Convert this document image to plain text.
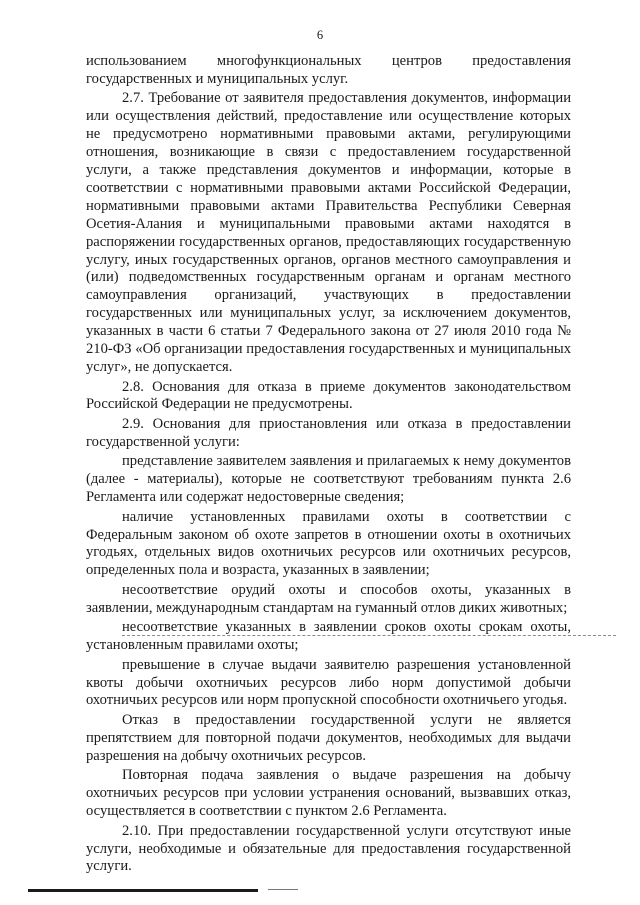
6

использованием многофункциональных центров предоставления государственных и муниципальных услуг.

2.7. Требование от заявителя предоставления документов, информации или осуществления действий, предоставление или осуществление которых не предусмотрено нормативными правовыми актами, регулирующими отношения, возникающие в связи с предоставлением государственной услуги, а также представления документов и информации, которые в соответствии с нормативными правовыми актами Российской Федерации, нормативными правовыми актами Правительства Республики Северная Осетия-Алания и муниципальными правовыми актами находятся в распоряжении государственных органов, предоставляющих государственную услугу, иных государственных органов, органов местного самоуправления и (или) подведомственных государственным органам и органам местного самоуправления организаций, участвующих в предоставлении государственных или муниципальных услуг, за исключением документов, указанных в части 6 статьи 7 Федерального закона от 27 июля 2010 года № 210-ФЗ «Об организации предоставления государственных и муниципальных услуг», не допускается.

2.8. Основания для отказа в приеме документов законодательством Российской Федерации не предусмотрены.

2.9. Основания для приостановления или отказа в предоставлении государственной услуги:

представление заявителем заявления и прилагаемых к нему документов (далее - материалы), которые не соответствуют требованиям пункта 2.6 Регламента или содержат недостоверные сведения;

наличие установленных правилами охоты в соответствии с Федеральным законом об охоте запретов в отношении охоты в охотничьих угодьях, отдельных видов охотничьих ресурсов или охотничьих ресурсов, определенных пола и возраста, указанных в заявлении;

несоответствие орудий охоты и способов охоты, указанных в заявлении, международным стандартам на гуманный отлов диких животных;

несоответствие указанных в заявлении сроков охоты срокам охоты, установленным правилами охоты;

превышение в случае выдачи заявителю разрешения установленной квоты добычи охотничьих ресурсов либо норм допустимой добычи охотничьих ресурсов или норм пропускной способности охотничьего угодья.

Отказ в предоставлении государственной услуги не является препятствием для повторной подачи документов, необходимых для выдачи разрешения на добычу охотничьих ресурсов.

Повторная подача заявления о выдаче разрешения на добычу охотничьих ресурсов при условии устранения оснований, вызвавших отказ, осуществляется в соответствии с пунктом 2.6 Регламента.

2.10. При предоставлении государственной услуги отсутствуют иные услуги, необходимые и обязательные для предоставления государственной услуги.
